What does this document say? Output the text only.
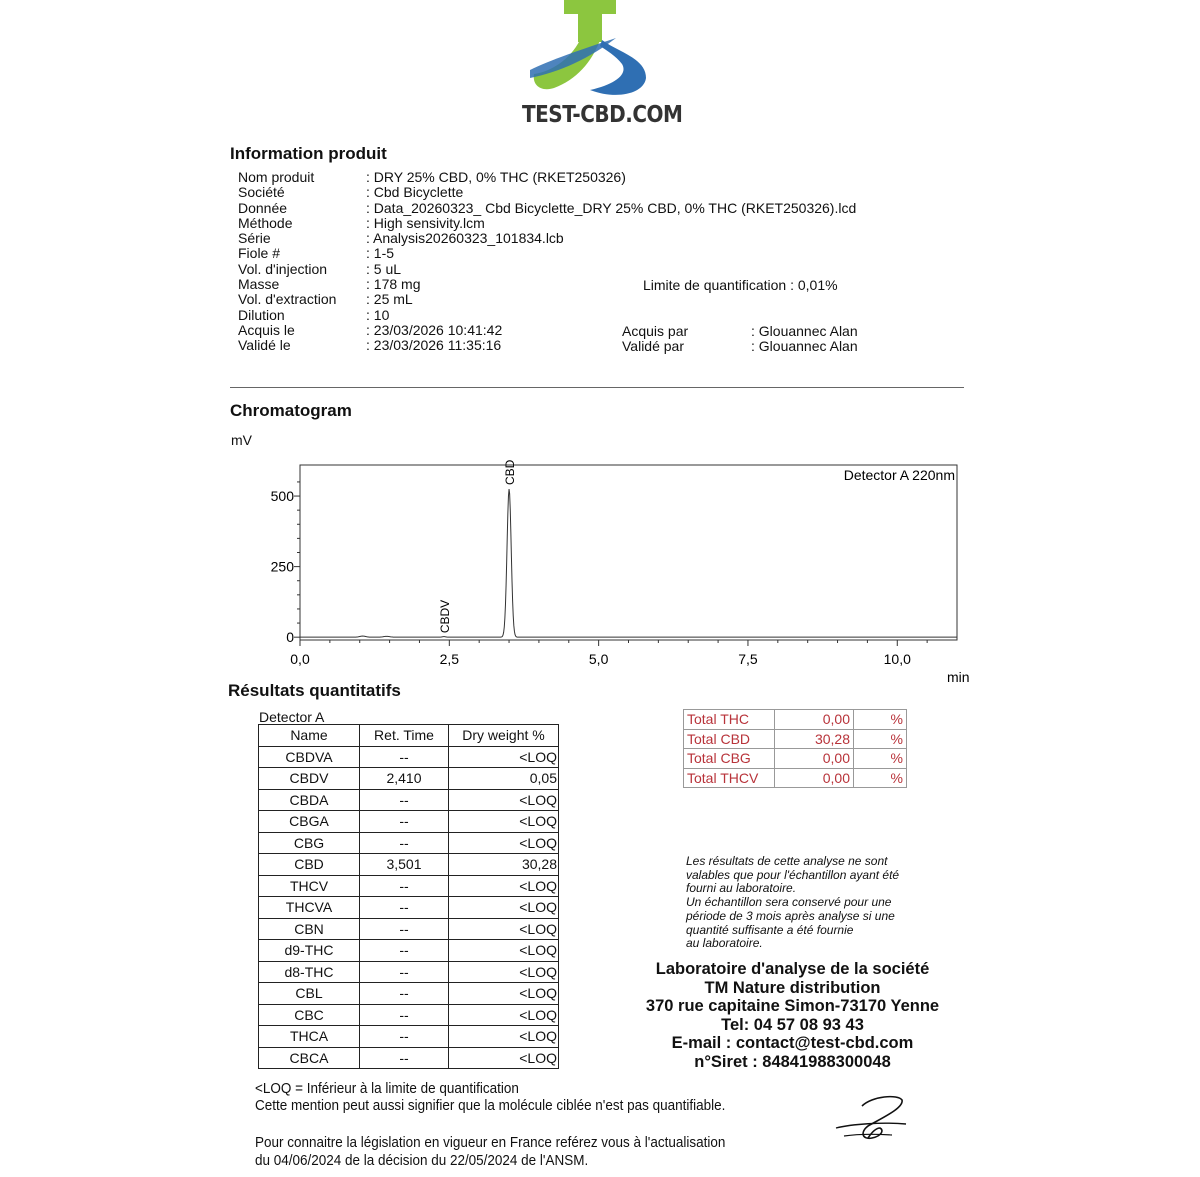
TEST-CBD.COM
Information produit
Nom produit	: DRY 25% CBD, 0% THC (RKET250326)
Société	: Cbd Bicyclette
Donnée	: Data_20260323_ Cbd Bicyclette_DRY 25% CBD, 0% THC (RKET250326).lcd
Méthode	: High sensivity.lcm
Série	: Analysis20260323_101834.lcb
Fiole #	: 1-5
Vol. d'injection	: 5 uL
Masse	: 178 mg
Vol. d'extraction	: 25 mL
Dilution	: 10
Acquis le	: 23/03/2026 10:41:42
Validé le	: 23/03/2026 11:35:16
Limite de quantification : 0,01%
Acquis par	: Glouannec Alan
Validé par	: Glouannec Alan
Chromatogram
mV
0,0	2,5	5,0	7,5	10,0
0
250
500
min
Detector A 220nm
CBDV
CBD
Résultats quantitatifs
Detector A
Name	Ret. Time	Dry weight %
CBDVA	--	<LOQ
CBDV	2,410	0,05
CBDA	--	<LOQ
CBGA	--	<LOQ
CBG	--	<LOQ
CBD	3,501	30,28
THCV	--	<LOQ
THCVA	--	<LOQ
CBN	--	<LOQ
d9-THC	--	<LOQ
d8-THC	--	<LOQ
CBL	--	<LOQ
CBC	--	<LOQ
THCA	--	<LOQ
CBCA	--	<LOQ
Total THC	0,00	%
Total CBD	30,28	%
Total CBG	0,00	%
Total THCV	0,00	%
Les résultats de cette analyse ne sont
valables que pour l'échantillon ayant été
fourni au laboratoire.
Un échantillon sera conservé pour une
période de 3 mois après analyse si une
quantité suffisante a été fournie
au laboratoire.
Laboratoire d'analyse de la société
TM Nature distribution
370 rue capitaine Simon-73170 Yenne
Tel: 04 57 08 93 43
E-mail : contact@test-cbd.com
n°Siret : 84841988300048
<LOQ = Inférieur à la limite de quantification
Cette mention peut aussi signifier que la molécule ciblée n'est pas quantifiable.
Pour connaitre la législation en vigueur en France reférez vous à l'actualisation
du 04/06/2024 de la décision du 22/05/2024 de l'ANSM.
